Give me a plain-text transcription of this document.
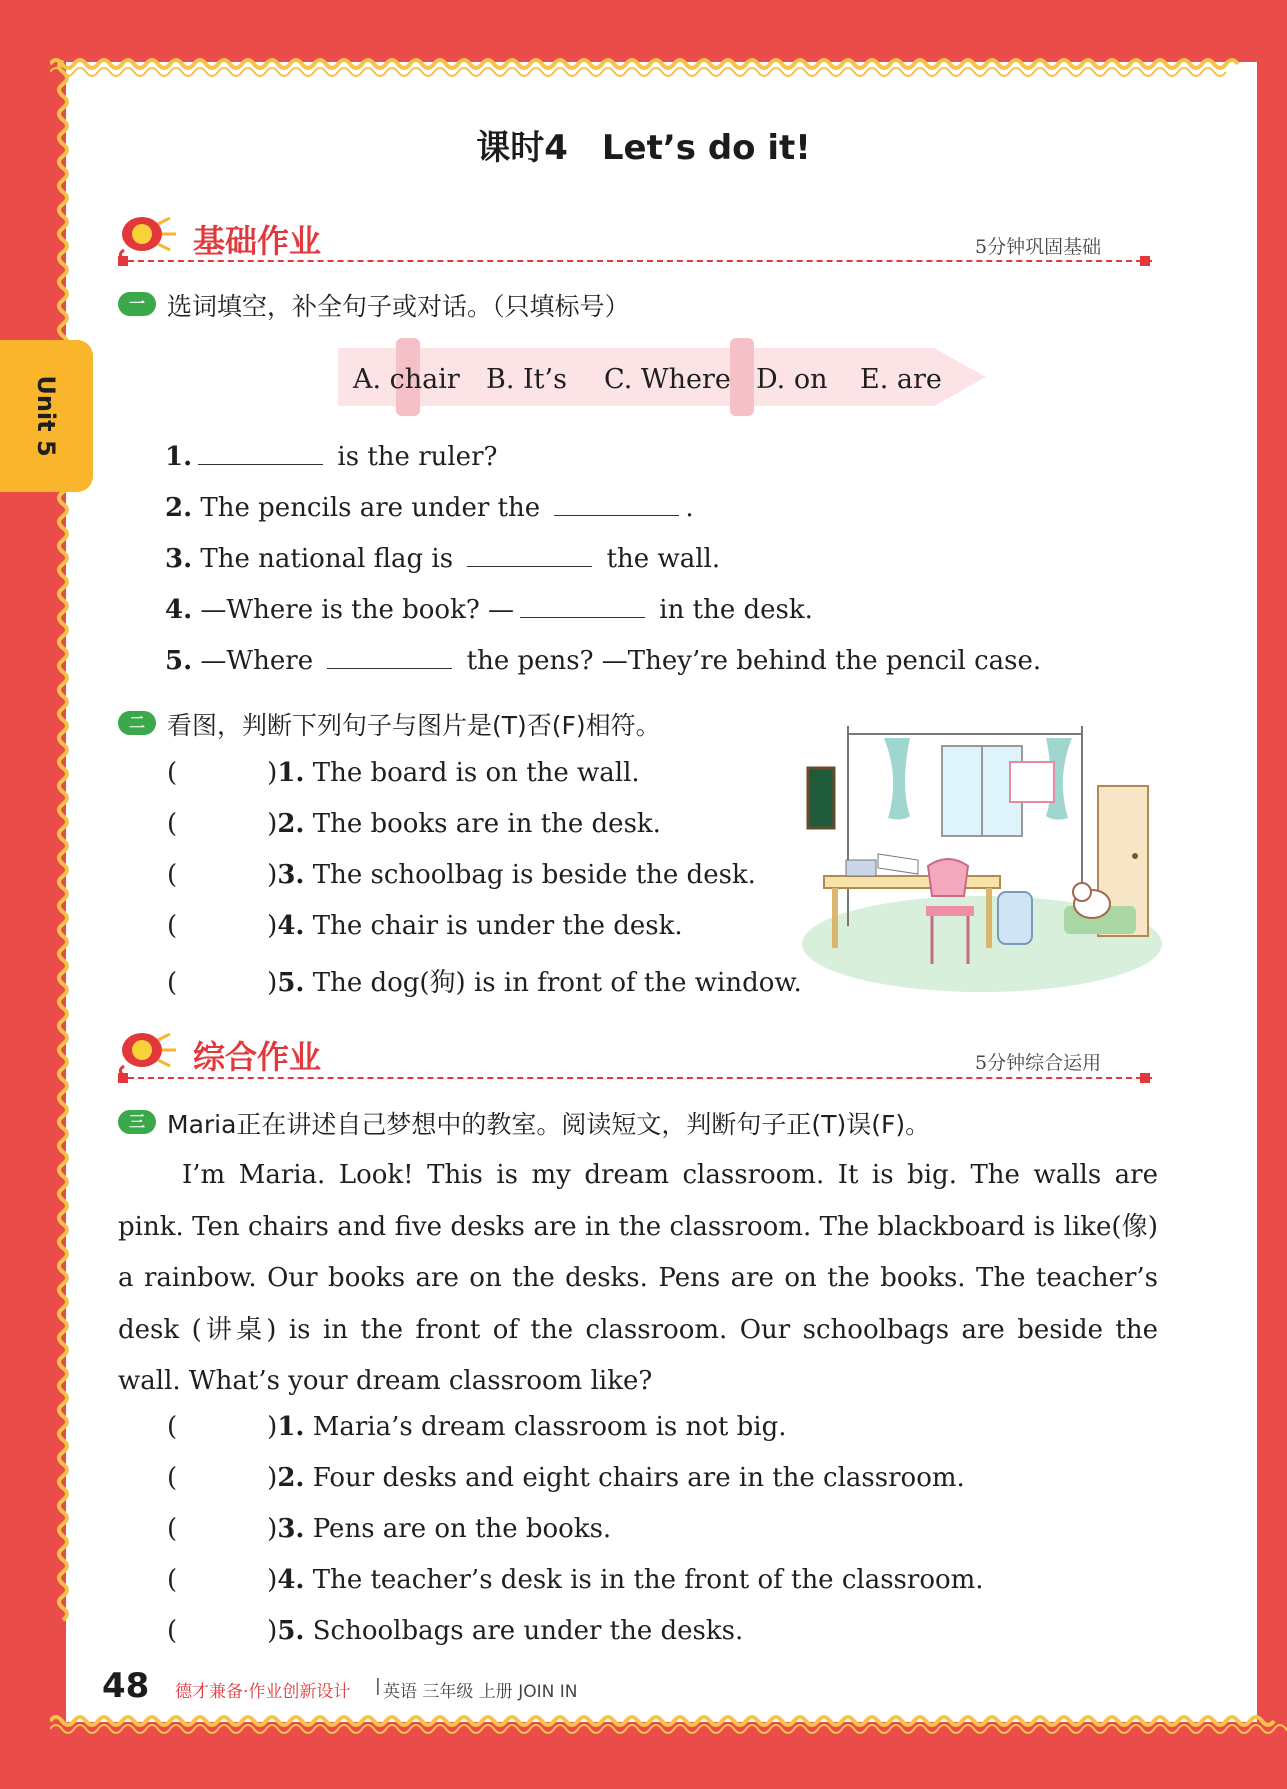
Unit 5
课时4　Let’s do it!
基础作业	5分钟巩固基础
一 选词填空，补全句子或对话。（只填标号）
A. chair B. It’s C. Where D. on E. are
1.	is the ruler?
2. The pencils are under the	.
3. The national flag is	the wall.
4. —Where is the book? —	in the desk.
5. —Where	the pens? —They’re behind the pencil case.
二 看图，判断下列句子与图片是(T)否(F)相符。
(	)1. The board is on the wall.
(	)2. The books are in the desk.
(	)3. The schoolbag is beside the desk.
(	)4. The chair is under the desk.
(	)5. The dog(狗) is in front of the window.
综合作业	5分钟综合运用
三 Maria正在讲述自己梦想中的教室。阅读短文，判断句子正(T)误(F)。
I’m Maria. Look! This is my dream classroom. It is big. The walls are pink. Ten chairs and five desks are in the classroom. The blackboard is like(像) a rainbow. Our books are on the desks. Pens are on the books. The teacher’s desk (讲桌) is in the front of the classroom. Our schoolbags are beside the wall. What’s your dream classroom like?
(	)1. Maria’s dream classroom is not big.
(	)2. Four desks and eight chairs are in the classroom.
(	)3. Pens are on the books.
(	)4. The teacher’s desk is in the front of the classroom.
(	)5. Schoolbags are under the desks.
48 德才兼备·作业创新设计 | 英语 三年级 上册 JOIN IN
